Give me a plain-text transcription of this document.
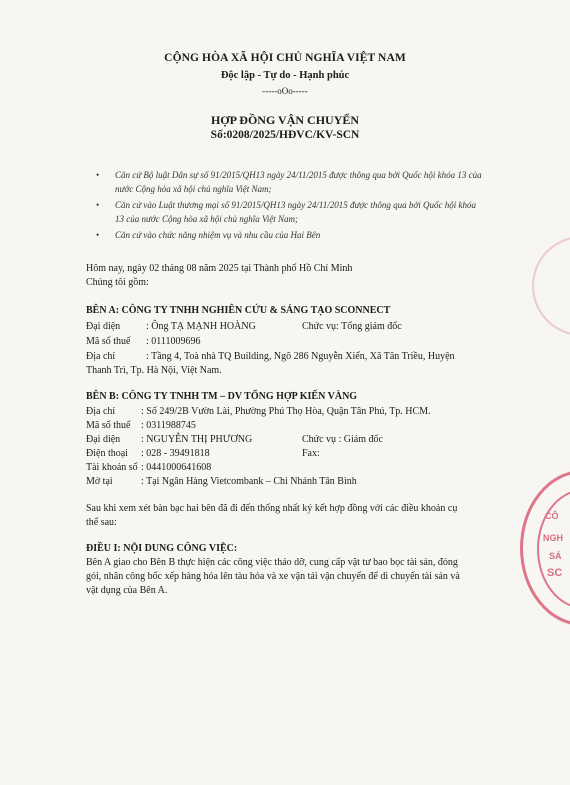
CỘNG HÒA XÃ HỘI CHỦ NGHĨA VIỆT NAM
Độc lập - Tự do - Hạnh phúc
-----oOo-----
HỢP ĐỒNG VẬN CHUYỂN
Số:0208/2025/HĐVC/KV-SCN
• Căn cứ Bộ luật Dân sự số 91/2015/QH13 ngày 24/11/2015 được thông qua bởi Quốc hội khóa 13 của nước Cộng hòa xã hội chủ nghĩa Việt Nam;
• Căn cứ vào Luật thương mại số 91/2015/QH13 ngày 24/11/2015 được thông qua bởi Quốc hội khóa 13 của nước Cộng hòa xã hội chủ nghĩa Việt Nam;
• Căn cứ vào chức năng nhiệm vụ và nhu cầu của Hai Bên
Hôm nay, ngày 02 tháng 08 năm 2025 tại Thành phố Hồ Chí Minh
Chúng tôi gồm:
BÊN A: CÔNG TY TNHH NGHIÊN CỨU & SÁNG TẠO SCONNECT
Đại diện	: Ông TẠ MẠNH HOÀNG	Chức vụ: Tổng giám đốc
Mã số thuế : 0111009696
Địa chỉ	: Tầng 4, Toà nhà TQ Building, Ngõ 286 Nguyễn Xiển, Xã Tân Triều, Huyện
Thanh Trì, Tp. Hà Nội, Việt Nam.
BÊN B: CÔNG TY TNHH TM – DV TỔNG HỢP KIẾN VÀNG
Địa chỉ	: Số 249/2B Vườn Lài, Phường Phú Thọ Hòa, Quận Tân Phú, Tp. HCM.
Mã số thuế : 0311988745
Đại diện : NGUYỄN THỊ PHƯƠNG	Chức vụ : Giám đốc
Điện thoại : 028 - 39491818	Fax:
Tài khoản số : 0441000641608
Mở tại	: Tại Ngân Hàng Vietcombank – Chi Nhánh Tân Bình
Sau khi xem xét bàn bạc hai bên đã đi đến thống nhất ký kết hợp đồng với các điều khoản cụ
thể sau:
ĐIỀU I: NỘI DUNG CÔNG VIỆC:
Bên A giao cho Bên B thực hiện các công việc tháo dỡ, cung cấp vật tư bao bọc tài sản, đóng
gói, nhân công bốc xếp hàng hóa lên tàu hỏa và xe vận tải vận chuyển để di chuyển tài sản và
vật dụng của Bên A.
CÔ
NGH
SÁ
SC
